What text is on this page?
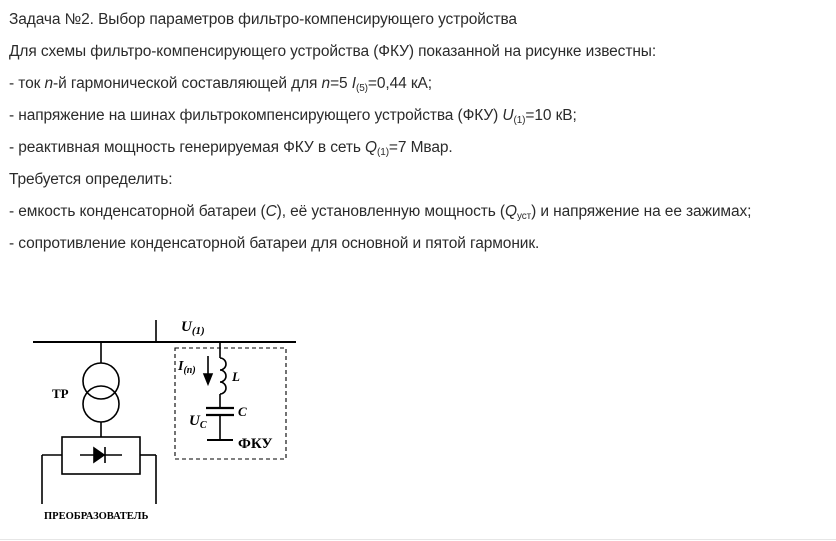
Задача №2. Выбор параметров фильтро-компенсирующего устройства
Для схемы фильтро-компенсирующего устройства (ФКУ) показанной на рисунке известны:
- ток n-й гармонической составляющей для n=5 $I_{(5)}=0,44$ кА;
- напряжение на шинах фильтрокомпенсирующего устройства (ФКУ) $U_{(1)}=10$ кВ;
- реактивная мощность генерируемая ФКУ в сеть $Q_{(1)}=7$ Мвар.
Требуется определить:
- емкость конденсаторной батареи (C), её установленную мощность $(Q_{уст})$ и напряжение на ее зажимах;
- сопротивление конденсаторной батареи для основной и пятой гармоник.
$U_{(1)}$
ТР
$I_{(n)}$	L
C
$U_C$
ФКУ
ПРЕОБРАЗОВАТЕЛЬ
